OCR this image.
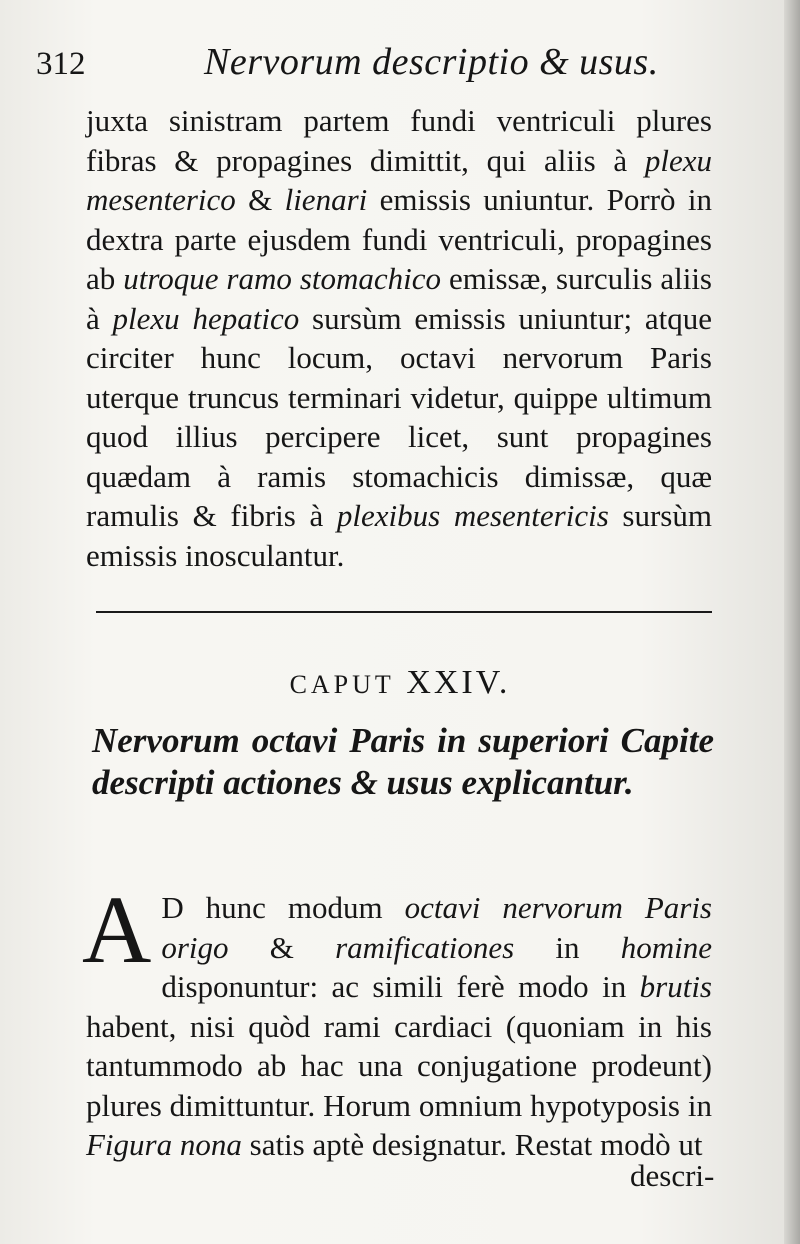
312	Nervorum descriptio & usus.

juxta sinistram partem fundi ventriculi plures fibras & propagines dimittit, qui aliis à plexu mesenterico & lienari emissis uniuntur. Porrò in dextra parte ejusdem fundi ventriculi, propagines ab utroque ramo stomachico emissæ, surculis aliis à plexu hepatico sursùm emissis uniuntur; atque circiter hunc locum, octavi nervorum Paris uterque truncus terminari videtur, quippe ultimum quod illius percipere licet, sunt propagines quædam à ramis stomachicis dimissæ, quæ ramulis & fibris à plexibus mesentericis sursùm emissis inosculantur.

CAPUT XXIV.
Nervorum octavi Paris in superiori Capite descripti actiones & usus explicantur.

A D hunc modum octavi nervorum Paris origo & ramificationes in homine disponuntur: ac simili ferè modo in brutis habent, nisi quòd rami cardiaci (quoniam in his tantummodo ab hac una conjugatione prodeunt) plures dimittuntur. Horum omnium hypotyposis in Figura nona satis aptè designatur. Restat modò ut

descri-
